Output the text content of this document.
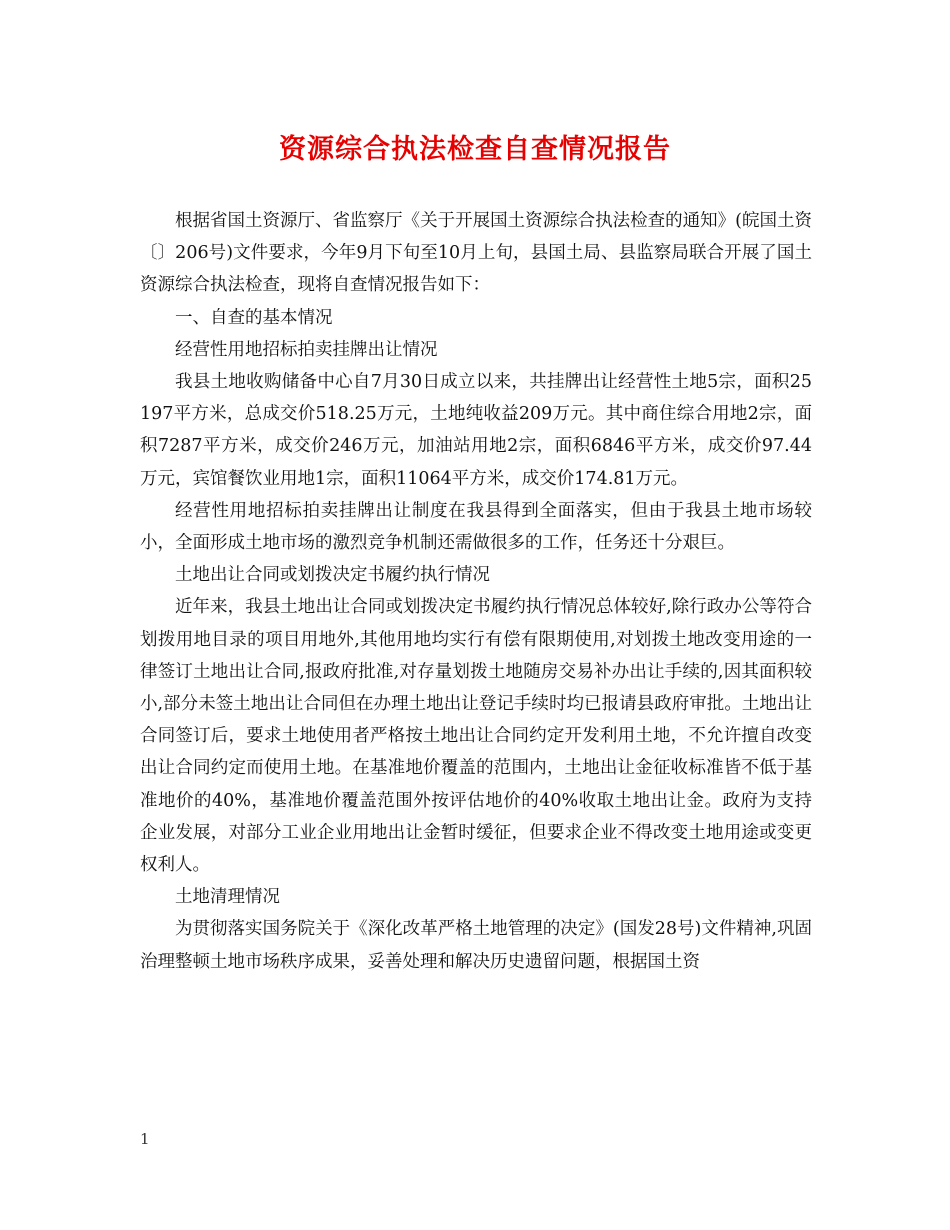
资源综合执法检查自查情况报告

根据省国土资源厅、省监察厅《关于开展国土资源综合执法检查的通知》(皖国土资〔〕206号)文件要求，今年9月下旬至10月上旬，县国土局、县监察局联合开展了国土资源综合执法检查，现将自查情况报告如下：

一、自查的基本情况

经营性用地招标拍卖挂牌出让情况

我县土地收购储备中心自7月30日成立以来，共挂牌出让经营性土地5宗，面积25197平方米，总成交价518.25万元，土地纯收益209万元。其中商住综合用地2宗，面积7287平方米，成交价246万元，加油站用地2宗，面积6846平方米，成交价97.44万元，宾馆餐饮业用地1宗，面积11064平方米，成交价174.81万元。

经营性用地招标拍卖挂牌出让制度在我县得到全面落实，但由于我县土地市场较小，全面形成土地市场的激烈竞争机制还需做很多的工作，任务还十分艰巨。

土地出让合同或划拨决定书履约执行情况

近年来，我县土地出让合同或划拨决定书履约执行情况总体较好,除行政办公等符合划拨用地目录的项目用地外,其他用地均实行有偿有限期使用,对划拨土地改变用途的一律签订土地出让合同,报政府批准,对存量划拨土地随房交易补办出让手续的,因其面积较小,部分未签土地出让合同但在办理土地出让登记手续时均已报请县政府审批。土地出让合同签订后，要求土地使用者严格按土地出让合同约定开发利用土地，不允许擅自改变出让合同约定而使用土地。在基准地价覆盖的范围内，土地出让金征收标准皆不低于基准地价的40%，基准地价覆盖范围外按评估地价的40%收取土地出让金。政府为支持企业发展，对部分工业企业用地出让金暂时缓征，但要求企业不得改变土地用途或变更权利人。

土地清理情况

为贯彻落实国务院关于《深化改革严格土地管理的决定》(国发28号)文件精神,巩固治理整顿土地市场秩序成果，妥善处理和解决历史遗留问题，根据国土资

1
